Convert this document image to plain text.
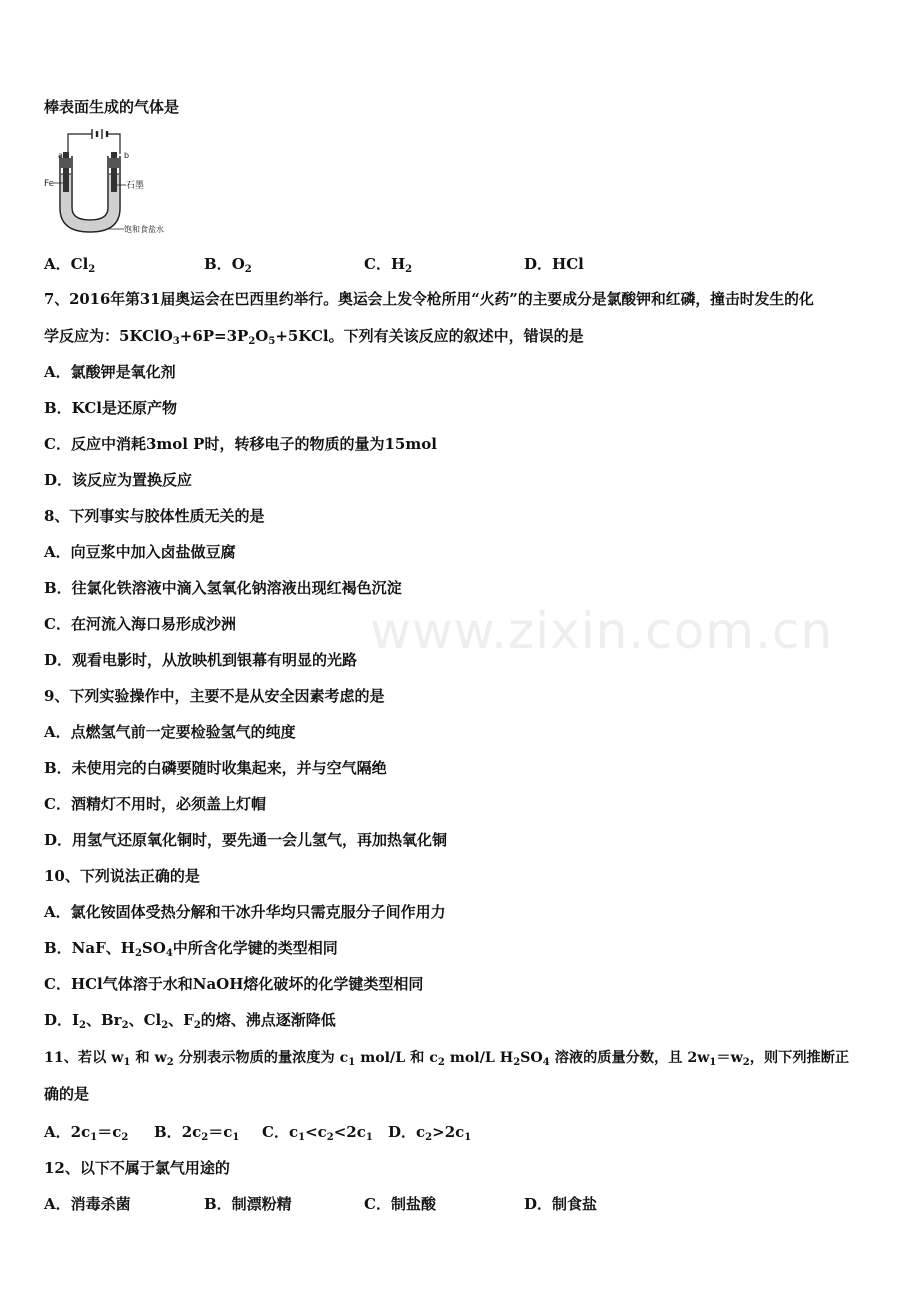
www.zixin.com.cn
棒表面生成的气体是
a	b
Fe	石墨
饱和食盐水
A．$Cl_2$	B．$O_2$	C．$H_2$	D．HCl
7、2016年第31届奥运会在巴西里约举行。奥运会上发令枪所用“火药”的主要成分是氯酸钾和红磷，撞击时发生的化
学反应为：$5KClO_3+6P=3P_2O_5+5KCl$。下列有关该反应的叙述中，错误的是
A．氯酸钾是氧化剂
B．KCl是还原产物
C．反应中消耗3mol P时，转移电子的物质的量为15mol
D．该反应为置换反应
8、下列事实与胶体性质无关的是
A．向豆浆中加入卤盐做豆腐
B．往氯化铁溶液中滴入氢氧化钠溶液出现红褐色沉淀
C．在河流入海口易形成沙洲
D．观看电影时，从放映机到银幕有明显的光路
9、下列实验操作中，主要不是从安全因素考虑的是
A．点燃氢气前一定要检验氢气的纯度
B．未使用完的白磷要随时收集起来，并与空气隔绝
C．酒精灯不用时，必须盖上灯帽
D．用氢气还原氧化铜时，要先通一会儿氢气，再加热氧化铜
10、下列说法正确的是
A．氯化铵固体受热分解和干冰升华均只需克服分子间作用力
B．NaF、$H_2SO_4$中所含化学键的类型相同
C．HCl气体溶于水和NaOH熔化破坏的化学键类型相同
D．$I_2$、$Br_2$、$Cl_2$、$F_2$的熔、沸点逐渐降低
11、若以 $w_1$ 和 $w_2$ 分别表示物质的量浓度为 $c_1$ mol/L 和 $c_2$ mol/L $H_2SO_4$ 溶液的质量分数，且 $2w_1=w_2$，则下列推断正
确的是
A．$2c_1=c_2$ B．$2c_2=c_1$ C．$c_1<c_2<2c_1$ D．$c_2>2c_1$
12、以下不属于氯气用途的
A．消毒杀菌	B．制漂粉精	C．制盐酸	D．制食盐
